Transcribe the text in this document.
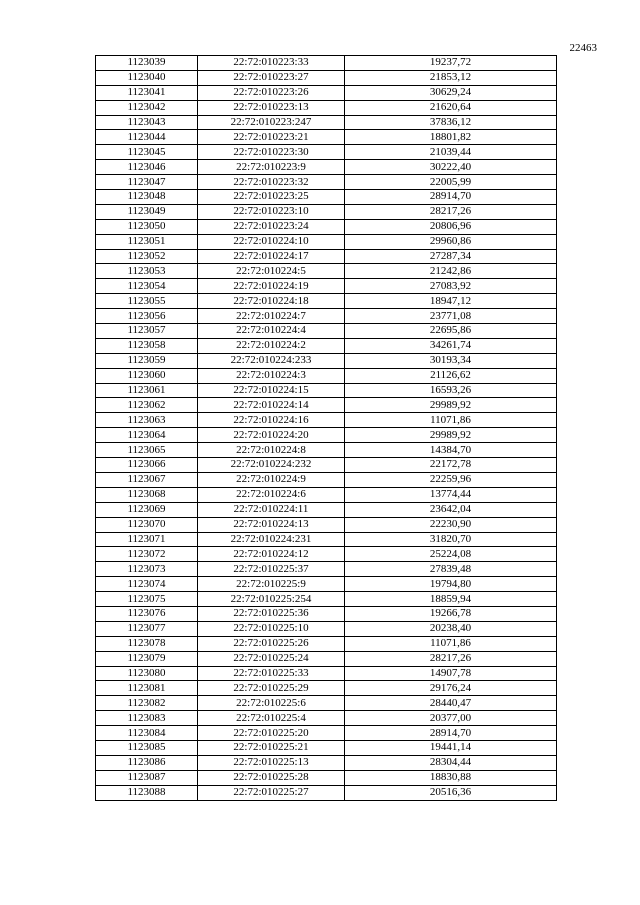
22463
1123039	22:72:010223:33	19237,72
1123040	22:72:010223:27	21853,12
1123041	22:72:010223:26	30629,24
1123042	22:72:010223:13	21620,64
1123043	22:72:010223:247	37836,12
1123044	22:72:010223:21	18801,82
1123045	22:72:010223:30	21039,44
1123046	22:72:010223:9	30222,40
1123047	22:72:010223:32	22005,99
1123048	22:72:010223:25	28914,70
1123049	22:72:010223:10	28217,26
1123050	22:72:010223:24	20806,96
1123051	22:72:010224:10	29960,86
1123052	22:72:010224:17	27287,34
1123053	22:72:010224:5	21242,86
1123054	22:72:010224:19	27083,92
1123055	22:72:010224:18	18947,12
1123056	22:72:010224:7	23771,08
1123057	22:72:010224:4	22695,86
1123058	22:72:010224:2	34261,74
1123059	22:72:010224:233	30193,34
1123060	22:72:010224:3	21126,62
1123061	22:72:010224:15	16593,26
1123062	22:72:010224:14	29989,92
1123063	22:72:010224:16	11071,86
1123064	22:72:010224:20	29989,92
1123065	22:72:010224:8	14384,70
1123066	22:72:010224:232	22172,78
1123067	22:72:010224:9	22259,96
1123068	22:72:010224:6	13774,44
1123069	22:72:010224:11	23642,04
1123070	22:72:010224:13	22230,90
1123071	22:72:010224:231	31820,70
1123072	22:72:010224:12	25224,08
1123073	22:72:010225:37	27839,48
1123074	22:72:010225:9	19794,80
1123075	22:72:010225:254	18859,94
1123076	22:72:010225:36	19266,78
1123077	22:72:010225:10	20238,40
1123078	22:72:010225:26	11071,86
1123079	22:72:010225:24	28217,26
1123080	22:72:010225:33	14907,78
1123081	22:72:010225:29	29176,24
1123082	22:72:010225:6	28440,47
1123083	22:72:010225:4	20377,00
1123084	22:72:010225:20	28914,70
1123085	22:72:010225:21	19441,14
1123086	22:72:010225:13	28304,44
1123087	22:72:010225:28	18830,88
1123088	22:72:010225:27	20516,36
